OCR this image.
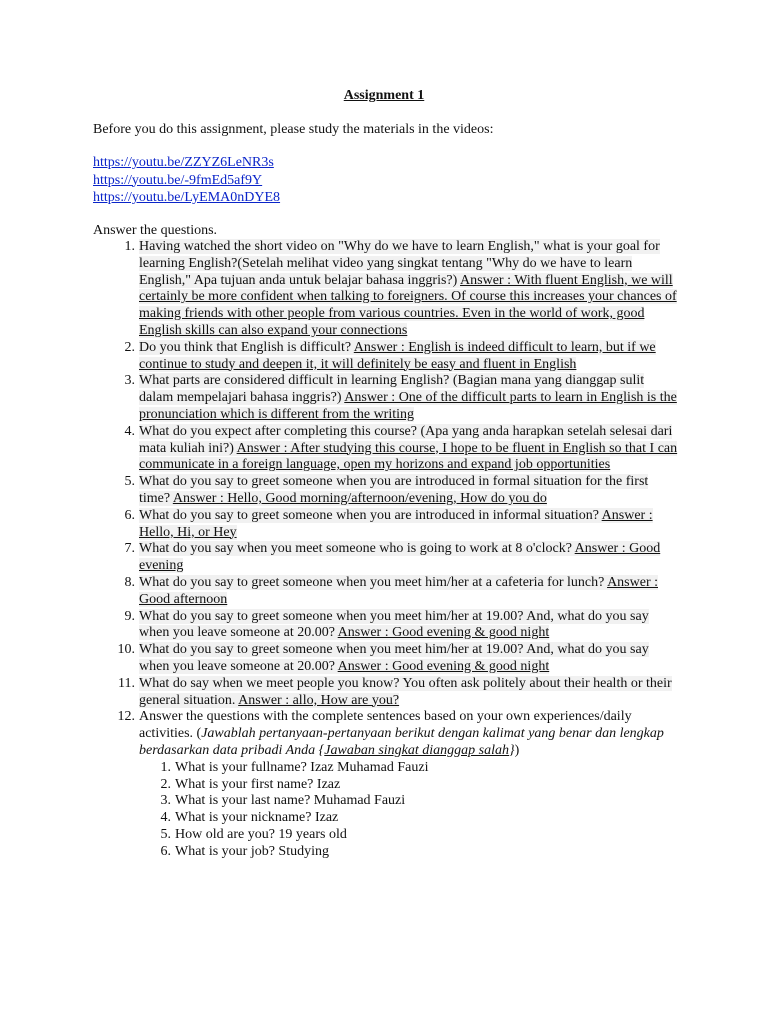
Assignment 1
Before you do this assignment, please study the materials in the videos:
https://youtu.be/ZZYZ6LeNR3s
https://youtu.be/-9fmEd5af9Y
https://youtu.be/LyEMA0nDYE8
Answer the questions.
1. Having watched the short video on "Why do we have to learn English," what is your goal for learning English?(Setelah melihat video yang singkat tentang "Why do we have to learn English," Apa tujuan anda untuk belajar bahasa inggris?) Answer : With fluent English, we will certainly be more confident when talking to foreigners. Of course this increases your chances of making friends with other people from various countries. Even in the world of work, good English skills can also expand your connections
2. Do you think that English is difficult? Answer : English is indeed difficult to learn, but if we continue to study and deepen it, it will definitely be easy and fluent in English
3. What parts are considered difficult in learning English? (Bagian mana yang dianggap sulit dalam mempelajari bahasa inggris?) Answer : One of the difficult parts to learn in English is the pronunciation which is different from the writing
4. What do you expect after completing this course? (Apa yang anda harapkan setelah selesai dari mata kuliah ini?) Answer : After studying this course, I hope to be fluent in English so that I can communicate in a foreign language, open my horizons and expand job opportunities
5. What do you say to greet someone when you are introduced in formal situation for the first time? Answer : Hello, Good morning/afternoon/evening, How do you do
6. What do you say to greet someone when you are introduced in informal situation? Answer : Hello, Hi, or Hey
7. What do you say when you meet someone who is going to work at 8 o'clock? Answer : Good evening
8. What do you say to greet someone when you meet him/her at a cafeteria for lunch? Answer : Good afternoon
9. What do you say to greet someone when you meet him/her at 19.00? And, what do you say when you leave someone at 20.00? Answer : Good evening & good night
10. What do you say to greet someone when you meet him/her at 19.00? And, what do you say when you leave someone at 20.00? Answer : Good evening & good night
11. What do say when we meet people you know? You often ask politely about their health or their general situation. Answer : allo, How are you?
12. Answer the questions with the complete sentences based on your own experiences/daily activities. (Jawablah pertanyaan-pertanyaan berikut dengan kalimat yang benar dan lengkap berdasarkan data pribadi Anda {Jawaban singkat dianggap salah})
1. What is your fullname? Izaz Muhamad Fauzi
2. What is your first name? Izaz
3. What is your last name? Muhamad Fauzi
4. What is your nickname? Izaz
5. How old are you? 19 years old
6. What is your job? Studying
